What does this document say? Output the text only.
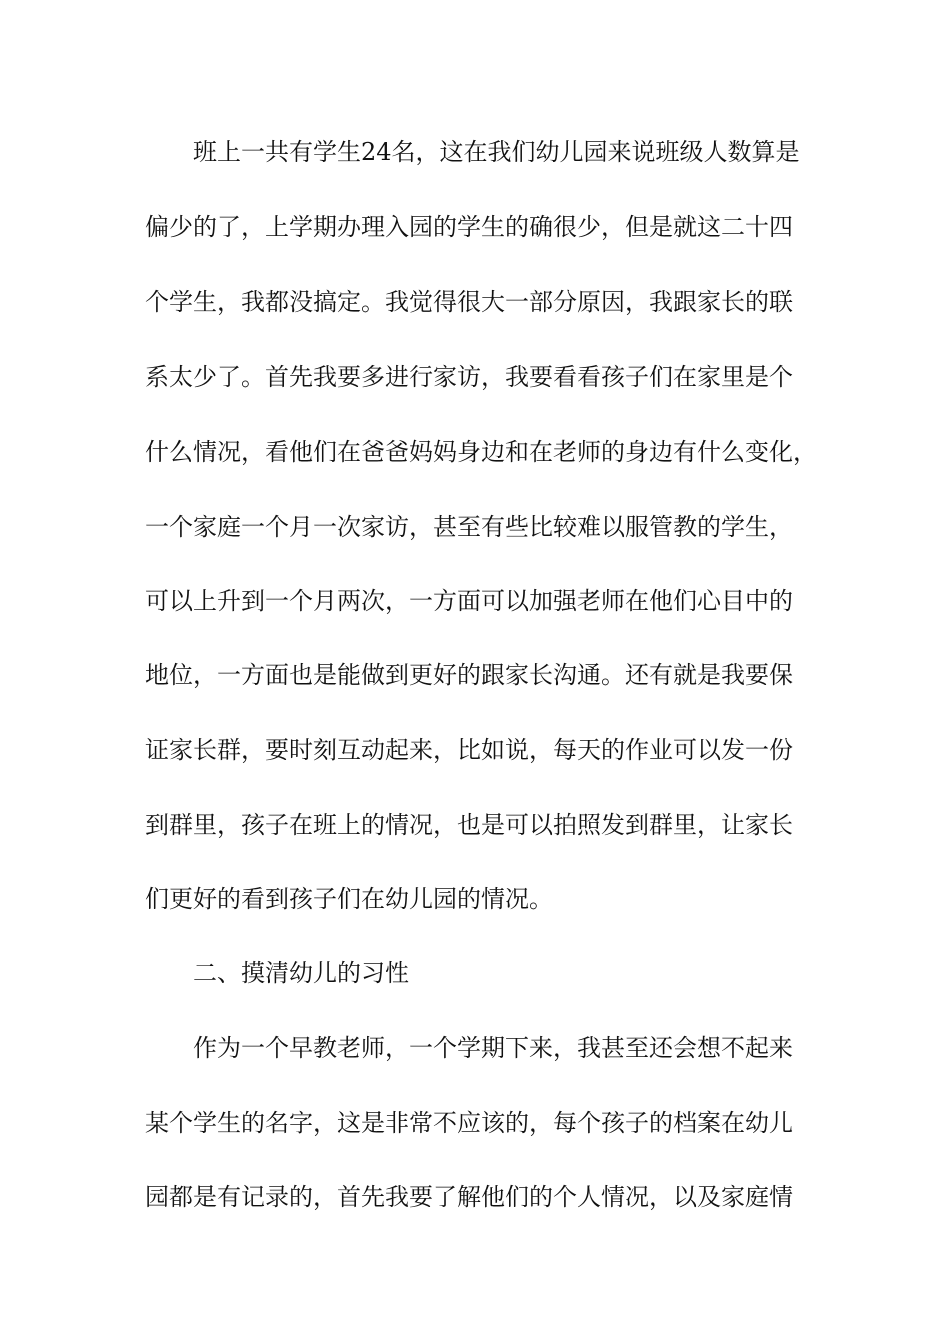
班上一共有学生24名，这在我们幼儿园来说班级人数算是

偏少的了，上学期办理入园的学生的确很少，但是就这二十四

个学生，我都没搞定。我觉得很大一部分原因，我跟家长的联

系太少了。首先我要多进行家访，我要看看孩子们在家里是个

什么情况，看他们在爸爸妈妈身边和在老师的身边有什么变化，

一个家庭一个月一次家访，甚至有些比较难以服管教的学生，

可以上升到一个月两次，一方面可以加强老师在他们心目中的

地位，一方面也是能做到更好的跟家长沟通。还有就是我要保

证家长群，要时刻互动起来，比如说，每天的作业可以发一份

到群里，孩子在班上的情况，也是可以拍照发到群里，让家长

们更好的看到孩子们在幼儿园的情况。

二、摸清幼儿的习性

作为一个早教老师，一个学期下来，我甚至还会想不起来

某个学生的名字，这是非常不应该的，每个孩子的档案在幼儿

园都是有记录的，首先我要了解他们的个人情况，以及家庭情
